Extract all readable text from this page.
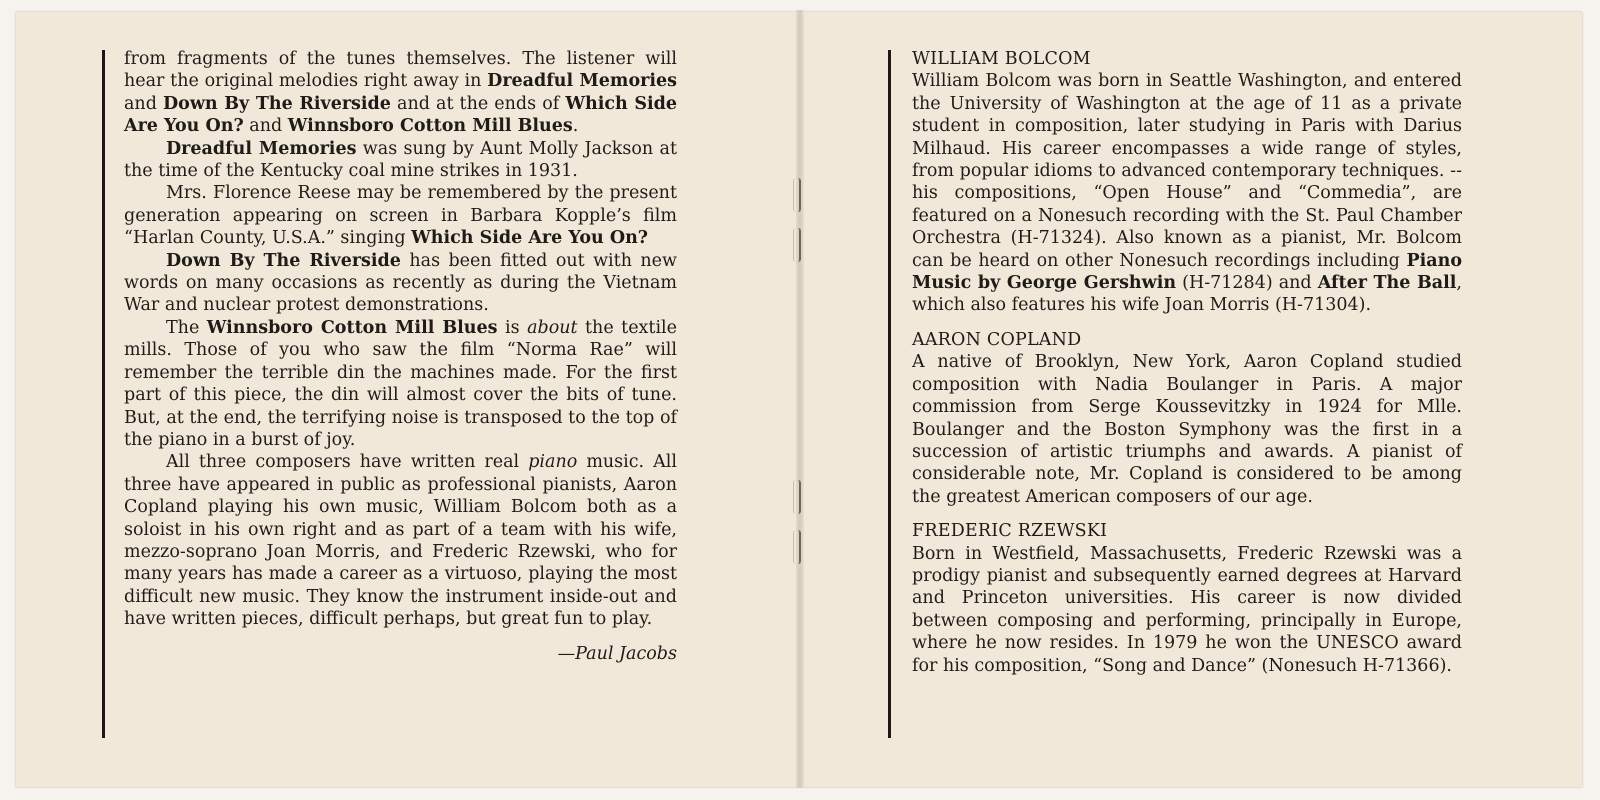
from fragments of the tunes themselves. The listener will hear the original melodies right away in Dreadful Memories and Down By The Riverside and at the ends of Which Side Are You On? and Winnsboro Cotton Mill Blues.

Dreadful Memories was sung by Aunt Molly Jackson at the time of the Kentucky coal mine strikes in 1931.

Mrs. Florence Reese may be remembered by the present generation appearing on screen in Barbara Kopple’s film “Harlan County, U.S.A.” singing Which Side Are You On?

Down By The Riverside has been fitted out with new words on many occasions as recently as during the Vietnam War and nuclear protest demonstrations.

The Winnsboro Cotton Mill Blues is about the textile mills. Those of you who saw the film “Norma Rae” will remember the terrible din the machines made. For the first part of this piece, the din will almost cover the bits of tune. But, at the end, the terrifying noise is transposed to the top of the piano in a burst of joy.

All three composers have written real piano music. All three have appeared in public as professional pianists, Aaron Copland playing his own music, William Bolcom both as a soloist in his own right and as part of a team with his wife, mezzo-soprano Joan Morris, and Frederic Rzewski, who for many years has made a career as a virtuoso, playing the most difficult new music. They know the instrument inside-out and have written pieces, difficult perhaps, but great fun to play.

—Paul Jacobs

WILLIAM BOLCOM

William Bolcom was born in Seattle Washington, and entered the University of Washington at the age of 11 as a private student in composition, later studying in Paris with Darius Milhaud. His career encompasses a wide range of styles, from popular idioms to advanced contemporary techniques. -- his compositions, “Open House” and “Commedia”, are featured on a Nonesuch recording with the St. Paul Chamber Orchestra (H-71324). Also known as a pianist, Mr. Bolcom can be heard on other Nonesuch recordings including Piano Music by George Gershwin (H-71284) and After The Ball, which also features his wife Joan Morris (H-71304).

AARON COPLAND

A native of Brooklyn, New York, Aaron Copland studied composition with Nadia Boulanger in Paris. A major commission from Serge Koussevitzky in 1924 for Mlle. Boulanger and the Boston Symphony was the first in a succession of artistic triumphs and awards. A pianist of considerable note, Mr. Copland is considered to be among the greatest American composers of our age.

FREDERIC RZEWSKI

Born in Westfield, Massachusetts, Frederic Rzewski was a prodigy pianist and subsequently earned degrees at Harvard and Princeton universities. His career is now divided between composing and performing, principally in Europe, where he now resides. In 1979 he won the UNESCO award for his composition, “Song and Dance” (Nonesuch H-71366).
